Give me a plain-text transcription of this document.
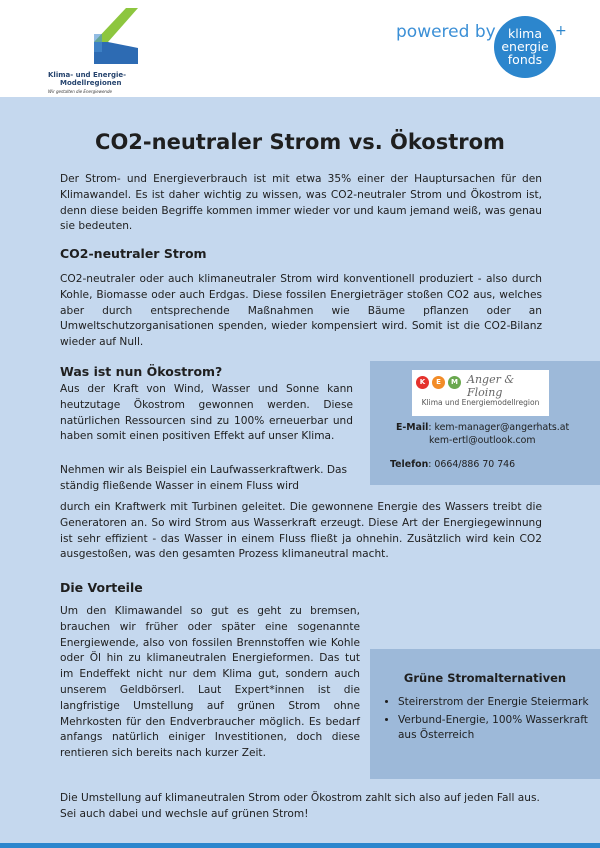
Klima- und Energie-
Modellregionen
Wir gestalten die Energiewende
powered by klima
energie
fonds
+
CO2-neutraler Strom vs. Ökostrom

Der Strom- und Energieverbrauch ist mit etwa 35% einer der Hauptursachen für den Klimawandel. Es ist daher wichtig zu wissen, was CO2-neutraler Strom und Ökostrom ist, denn diese beiden Begriffe kommen immer wieder vor und kaum jemand weiß, was genau sie bedeuten.

CO2-neutraler Strom

CO2-neutraler oder auch klimaneutraler Strom wird konventionell produziert - also durch Kohle, Biomasse oder auch Erdgas. Diese fossilen Energieträger stoßen CO2 aus, welches aber durch entsprechende Maßnahmen wie Bäume pflanzen oder an Umweltschutzorganisationen spenden, wieder kompensiert wird. Somit ist die CO2-Bilanz wieder auf Null.

Was ist nun Ökostrom?

Aus der Kraft von Wind, Wasser und Sonne kann heutzutage Ökostrom gewonnen werden. Diese natürlichen Ressourcen sind zu 100% erneuerbar und haben somit einen positiven Effekt auf unser Klima.

Nehmen wir als Beispiel ein Laufwasserkraftwerk. Das ständig fließende Wasser in einem Fluss wird

durch ein Kraftwerk mit Turbinen geleitet. Die gewonnene Energie des Wassers treibt die Generatoren an. So wird Strom aus Wasserkraft erzeugt. Diese Art der Energiegewinnung ist sehr effizient - das Wasser in einem Fluss fließt ja ohnehin. Zusätzlich wird kein CO2 ausgestoßen, was den gesamten Prozess klimaneutral macht.

K	E	M Anger & Floing
Klima und Energiemodellregion

E-Mail: kem-manager@angerhats.at

kem-ertl@outlook.com

Telefon: 0664/886 70 746

Die Vorteile

Um den Klimawandel so gut es geht zu bremsen, brauchen wir früher oder später eine sogenannte Energiewende, also von fossilen Brennstoffen wie Kohle oder Öl hin zu klimaneutralen Energieformen. Das tut im Endeffekt nicht nur dem Klima gut, sondern auch unserem Geldbörserl. Laut Expert*innen ist die langfristige Umstellung auf grünen Strom ohne Mehrkosten für den Endverbraucher möglich. Es bedarf anfangs natürlich einiger Investitionen, doch diese rentieren sich bereits nach kurzer Zeit.

Die Umstellung auf klimaneutralen Strom oder Ökostrom zahlt sich also auf jeden Fall aus. Sei auch dabei und wechsle auf grünen Strom!

Grüne Stromalternativen
• Steirerstrom der Energie Steiermark
• Verbund-Energie, 100% Wasserkraft aus Österreich
